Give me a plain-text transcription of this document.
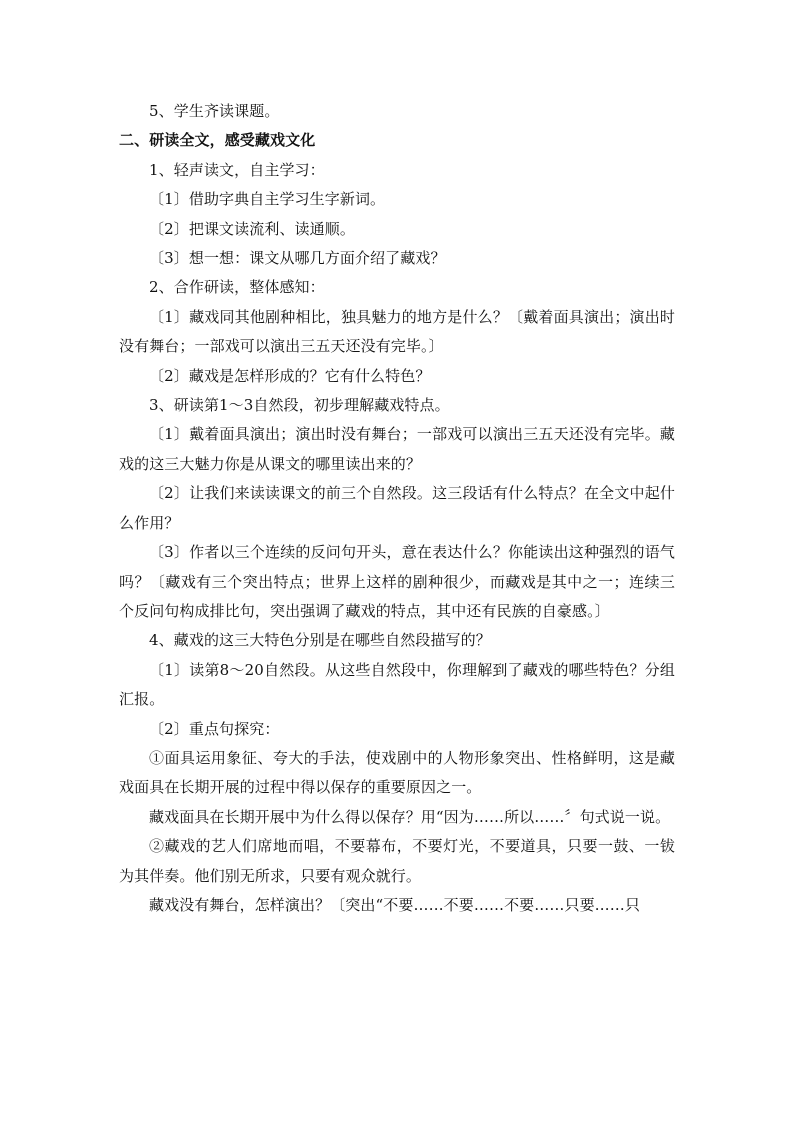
5、学生齐读课题。

二、研读全文，感受藏戏文化

1、轻声读文，自主学习：

〔1〕借助字典自主学习生字新词。

〔2〕把课文读流利、读通顺。

〔3〕想一想：课文从哪几方面介绍了藏戏？

2、合作研读，整体感知：

〔1〕藏戏同其他剧种相比，独具魅力的地方是什么？〔戴着面具演出；演出时没有舞台；一部戏可以演出三五天还没有完毕。〕

〔2〕藏戏是怎样形成的？它有什么特色？

3、研读第1～3自然段，初步理解藏戏特点。

〔1〕戴着面具演出；演出时没有舞台；一部戏可以演出三五天还没有完毕。藏戏的这三大魅力你是从课文的哪里读出来的？

〔2〕让我们来读读课文的前三个自然段。这三段话有什么特点？在全文中起什么作用？

〔3〕作者以三个连续的反问句开头，意在表达什么？你能读出这种强烈的语气吗？〔藏戏有三个突出特点；世界上这样的剧种很少，而藏戏是其中之一；连续三个反问句构成排比句，突出强调了藏戏的特点，其中还有民族的自豪感。〕

4、藏戏的这三大特色分别是在哪些自然段描写的？

〔1〕读第8～20自然段。从这些自然段中，你理解到了藏戏的哪些特色？分组汇报。

〔2〕重点句探究：

①面具运用象征、夸大的手法，使戏剧中的人物形象突出、性格鲜明，这是藏戏面具在长期开展的过程中得以保存的重要原因之一。

藏戏面具在长期开展中为什么得以保存？用“因为……所以……〞句式说一说。

②藏戏的艺人们席地而唱，不要幕布，不要灯光，不要道具，只要一鼓、一钹为其伴奏。他们别无所求，只要有观众就行。

藏戏没有舞台，怎样演出？〔突出“不要……不要……不要……只要……只
